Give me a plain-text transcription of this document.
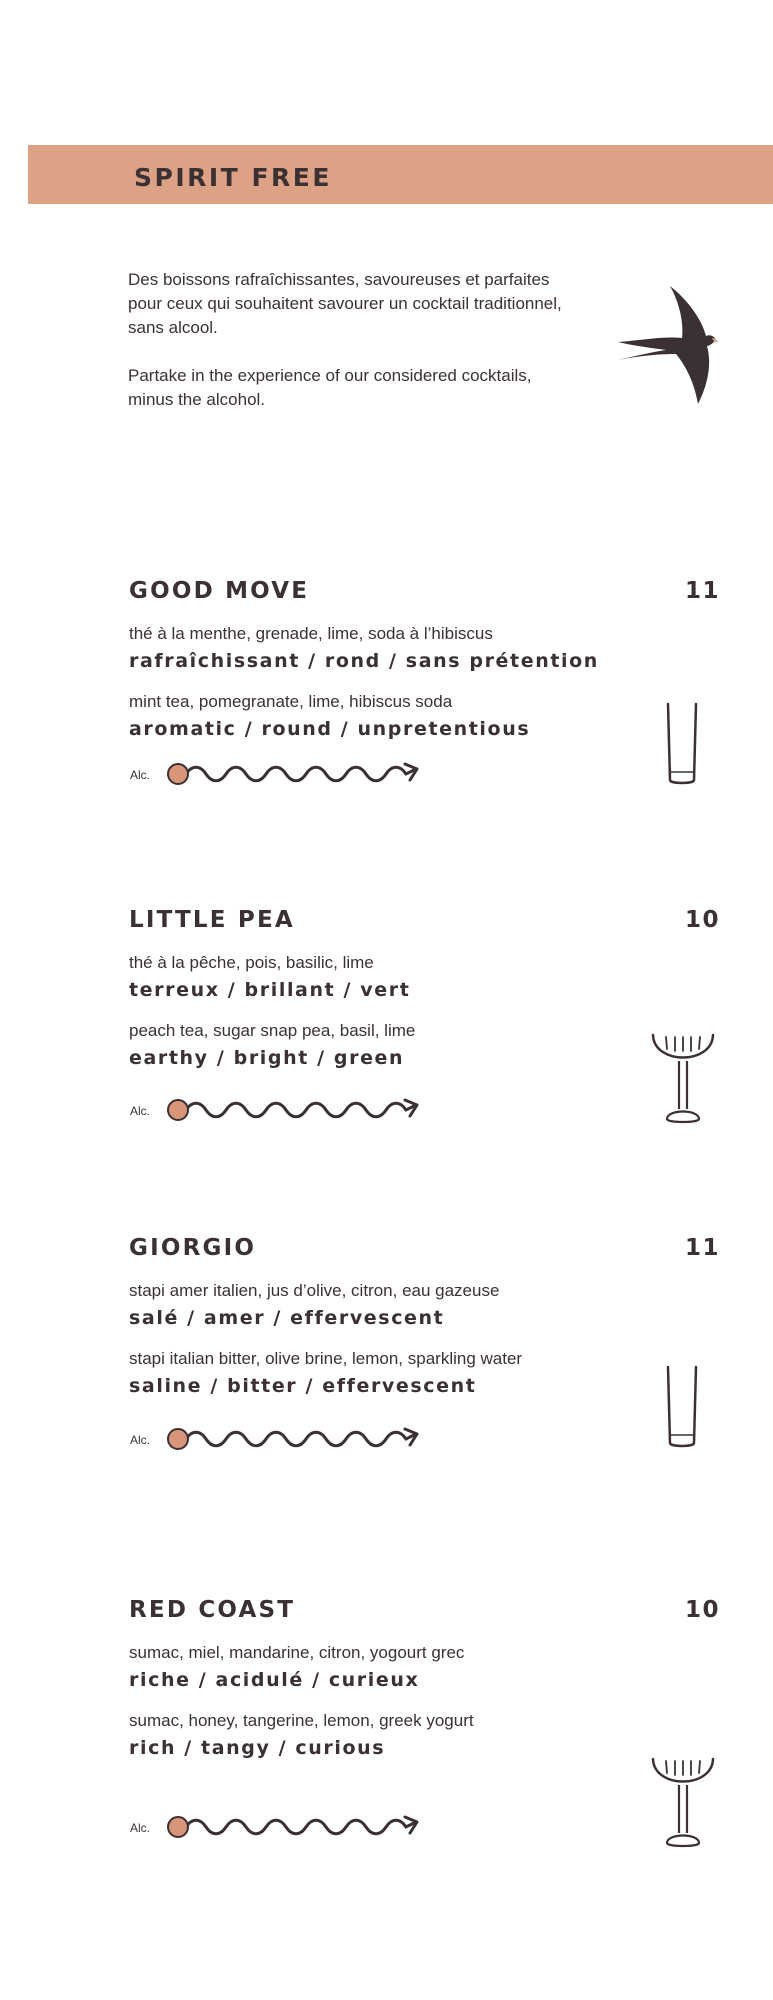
SPIRIT FREE

Des boissons rafraîchissantes, savoureuses et parfaites pour ceux qui souhaitent savourer un cocktail traditionnel, sans alcool.

Partake in the experience of our considered cocktails, minus the alcohol.

GOOD MOVE	11
thé à la menthe, grenade, lime, soda à l’hibiscus
rafraîchissant / rond / sans prétention
mint tea, pomegranate, lime, hibiscus soda
aromatic / round / unpretentious
Alc.
LITTLE PEA	10
thé à la pêche, pois, basilic, lime
terreux / brillant / vert
peach tea, sugar snap pea, basil, lime
earthy / bright / green
Alc.
GIORGIO	11
stapi amer italien, jus d’olive, citron, eau gazeuse
salé / amer / effervescent
stapi italian bitter, olive brine, lemon, sparkling water
saline / bitter / effervescent
Alc.
RED COAST	10
sumac, miel, mandarine, citron, yogourt grec
riche / acidulé / curieux
sumac, honey, tangerine, lemon, greek yogurt
rich / tangy / curious
Alc.
